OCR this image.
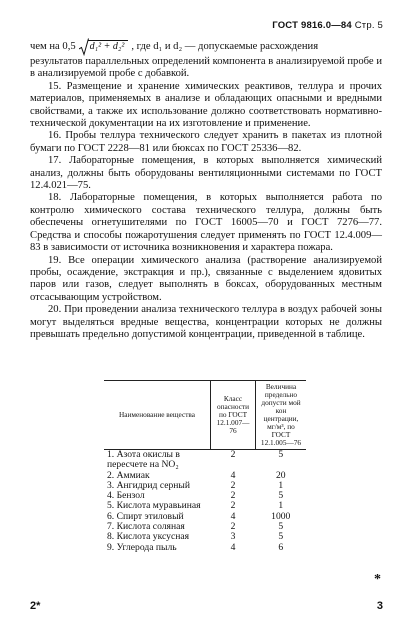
ГОСТ 9816.0—84 Стр. 5
чем на 0,5 d₁² + d₂² , где d₁ и d₂ — допускаемые расхождения

результатов параллельных определений компонента в анализируемой пробе и в анализируемой пробе с добавкой.

15. Размещение и хранение химических реактивов, теллура и прочих материалов, применяемых в анализе и обладающих опасными и вредными свойствами, а также их использование должно соответствовать нормативно-технической документации на их изготовление и применение.

16. Пробы теллура технического следует хранить в пакетах из плотной бумаги по ГОСТ 2228—81 или бюксах по ГОСТ 25336—82.

17. Лабораторные помещения, в которых выполняется химический анализ, должны быть оборудованы вентиляционными системами по ГОСТ 12.4.021—75.

18. Лабораторные помещения, в которых выполняется работа по контролю химического состава технического теллура, должны быть обеспечены огнетушителями по ГОСТ 16005—70 и ГОСТ 7276—77. Средства и способы пожаротушения следует применять по ГОСТ 12.4.009—83 в зависимости от источника возникновения и характера пожара.

19. Все операции химического анализа (растворение анализируемой пробы, осаждение, экстракция и пр.), связанные с выделением ядовитых паров или газов, следует выполнять в боксах, оборудованных местным отсасывающим устройством.

20. При проведении анализа технического теллура в воздух рабочей зоны могут выделяться вредные вещества, концентрации которых не должны превышать предельно допустимой концентрации, приведенной в таблице.

Наименование вещества	Класс опасности по ГОСТ 12.1.007—76	Величина предельно допусти мой кон центрации, мг/м³, по ГОСТ 12.1.005—76
1. Азота окислы в пересчете на NO₂	2	5
2. Аммиак	4	20
3. Ангидрид серный	2	1
4. Бензол	2	5
5. Кислота муравьиная	2	1
6. Спирт этиловый	4	1000
7. Кислота соляная	2	5
8. Кислота уксусная	3	5
9. Углерода пыль	4	6
*
2*	3
